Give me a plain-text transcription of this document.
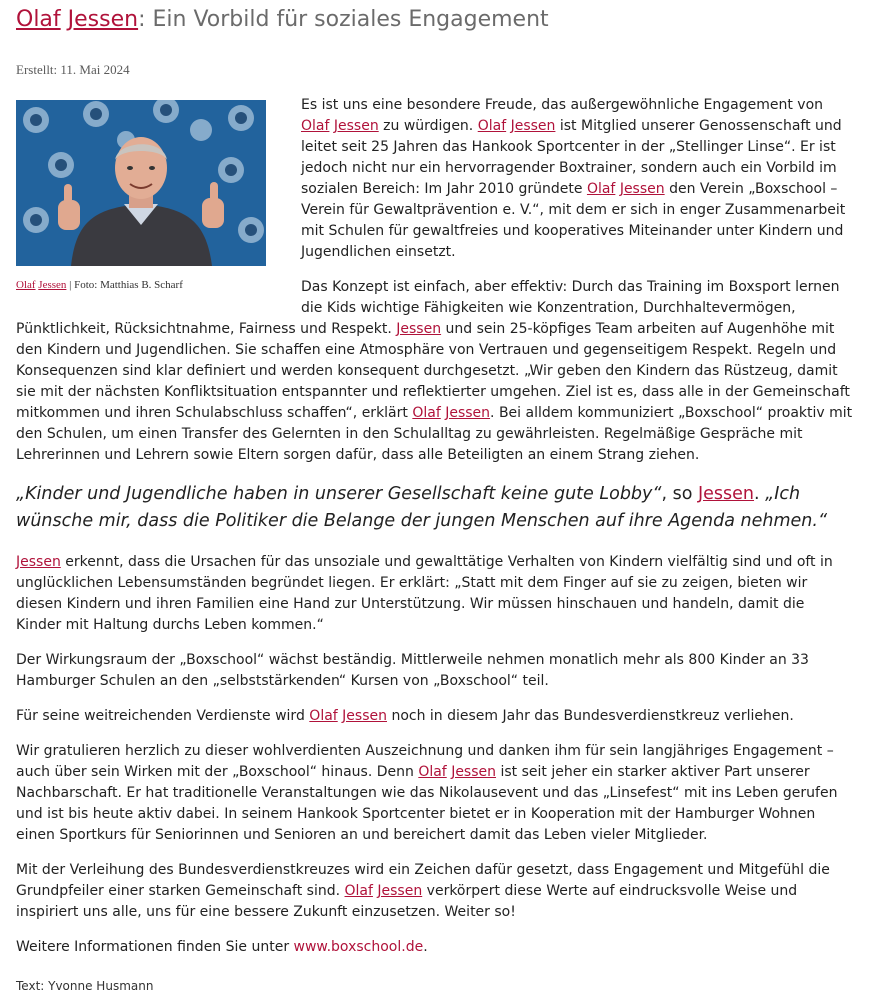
Olaf Jessen: Ein Vorbild für soziales Engagement
Erstellt: 11. Mai 2024
Olaf Jessen | Foto: Matthias B. Scharf

Es ist uns eine besondere Freude, das außergewöhnliche Engagement von Olaf Jessen zu würdigen. Olaf Jessen ist Mitglied unserer Genossenschaft und leitet seit 25 Jahren das Hankook Sportcenter in der „Stellinger Linse“. Er ist jedoch nicht nur ein hervorragender Boxtrainer, sondern auch ein Vorbild im sozialen Bereich: Im Jahr 2010 gründete Olaf Jessen den Verein „Boxschool – Verein für Gewaltprävention e. V.“, mit dem er sich in enger Zusammenarbeit mit Schulen für gewaltfreies und kooperatives Miteinander unter Kindern und Jugendlichen einsetzt.

Das Konzept ist einfach, aber effektiv: Durch das Training im Boxsport lernen die Kids wichtige Fähigkeiten wie Konzentration, Durchhaltevermögen,

Pünktlichkeit, Rücksichtnahme, Fairness und Respekt. Jessen und sein 25-köpfiges Team arbeiten auf Augenhöhe mit den Kindern und Jugendlichen. Sie schaffen eine Atmosphäre von Vertrauen und gegenseitigem Respekt. Regeln und Konsequenzen sind klar definiert und werden konsequent durchgesetzt. „Wir geben den Kindern das Rüstzeug, damit sie mit der nächsten Konfliktsituation entspannter und reflektierter umgehen. Ziel ist es, dass alle in der Gemeinschaft mitkommen und ihren Schulabschluss schaffen“, erklärt Olaf Jessen. Bei alldem kommuniziert „Boxschool“ proaktiv mit den Schulen, um einen Transfer des Gelernten in den Schulalltag zu gewährleisten. Regelmäßige Gespräche mit Lehrerinnen und Lehrern sowie Eltern sorgen dafür, dass alle Beteiligten an einem Strang ziehen.

„Kinder und Jugendliche haben in unserer Gesellschaft keine gute Lobby“, so Jessen. „Ich wünsche mir, dass die Politiker die Belange der jungen Menschen auf ihre Agenda nehmen.“

Jessen erkennt, dass die Ursachen für das unsoziale und gewalttätige Verhalten von Kindern vielfältig sind und oft in unglücklichen Lebensumständen begründet liegen. Er erklärt: „Statt mit dem Finger auf sie zu zeigen, bieten wir diesen Kindern und ihren Familien eine Hand zur Unterstützung. Wir müssen hinschauen und handeln, damit die Kinder mit Haltung durchs Leben kommen.“

Der Wirkungsraum der „Boxschool“ wächst beständig. Mittlerweile nehmen monatlich mehr als 800 Kinder an 33 Hamburger Schulen an den „selbststärkenden“ Kursen von „Boxschool“ teil.

Für seine weitreichenden Verdienste wird Olaf Jessen noch in diesem Jahr das Bundesverdienstkreuz verliehen.

Wir gratulieren herzlich zu dieser wohlverdienten Auszeichnung und danken ihm für sein langjähriges Engagement – auch über sein Wirken mit der „Boxschool“ hinaus. Denn Olaf Jessen ist seit jeher ein starker aktiver Part unserer Nachbarschaft. Er hat traditionelle Veranstaltungen wie das Nikolausevent und das „Linsefest“ mit ins Leben gerufen und ist bis heute aktiv dabei. In seinem Hankook Sportcenter bietet er in Kooperation mit der Hamburger Wohnen einen Sportkurs für Seniorinnen und Senioren an und bereichert damit das Leben vieler Mitglieder.

Mit der Verleihung des Bundesverdienstkreuzes wird ein Zeichen dafür gesetzt, dass Engagement und Mitgefühl die Grundpfeiler einer starken Gemeinschaft sind. Olaf Jessen verkörpert diese Werte auf eindrucksvolle Weise und inspiriert uns alle, uns für eine bessere Zukunft einzusetzen. Weiter so!

Weitere Informationen finden Sie unter www.boxschool.de.

Text: Yvonne Husmann
